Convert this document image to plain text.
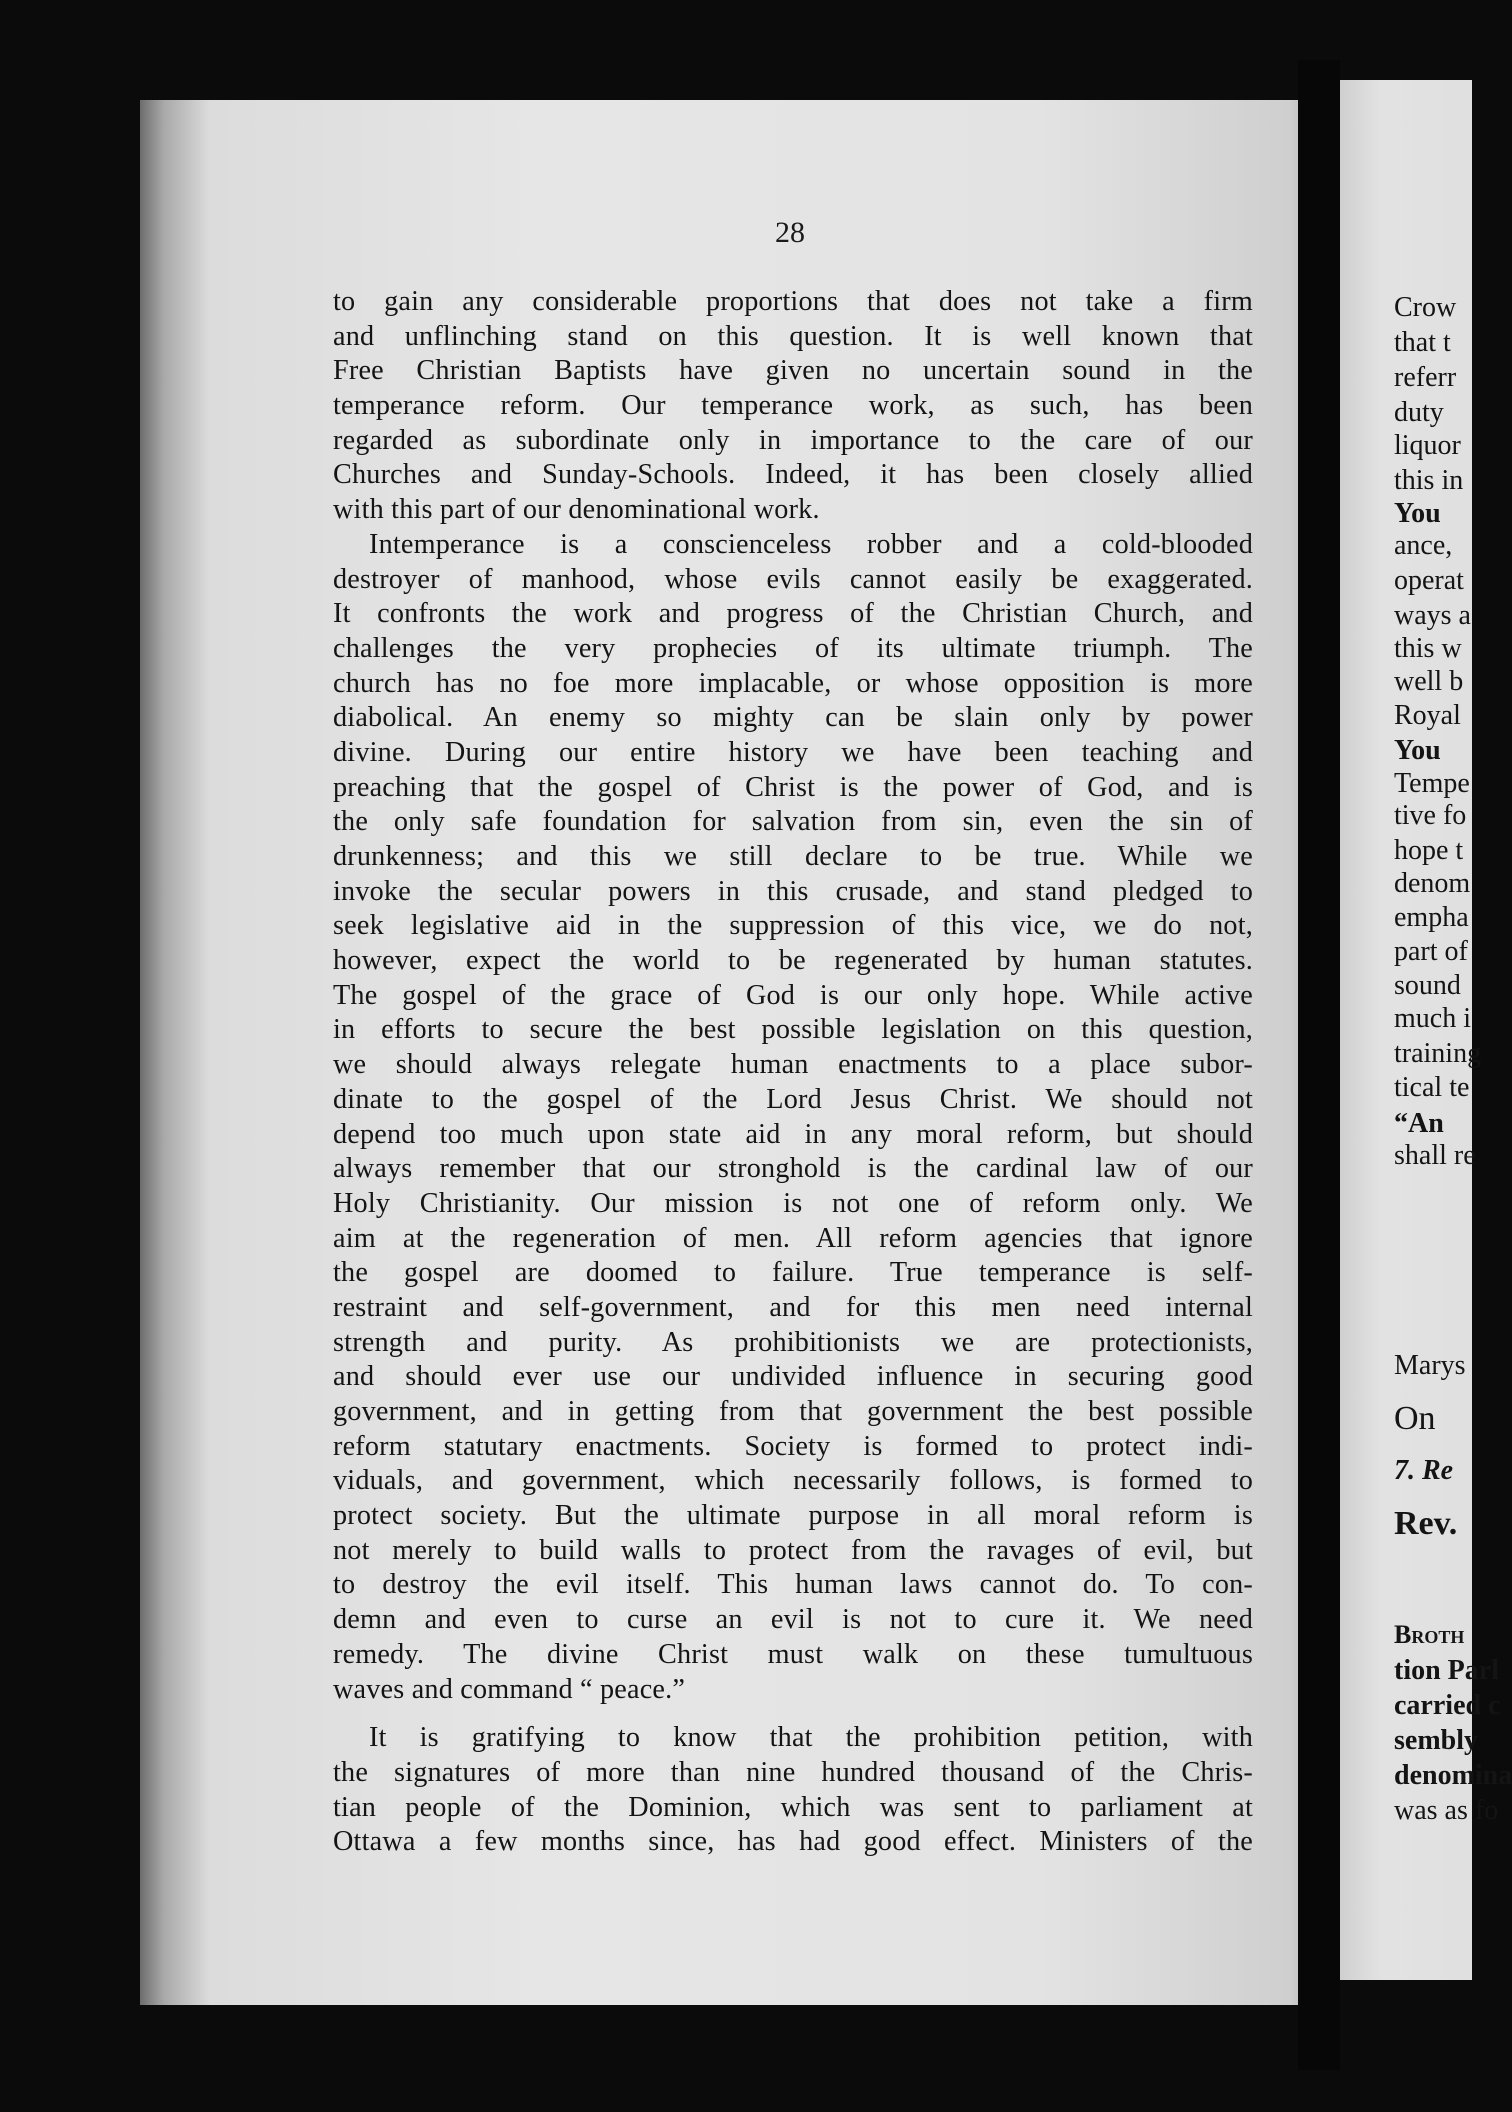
28
to gain any considerable proportions that does not take a firm
and unflinching stand on this question. It is well known that
Free Christian Baptists have given no uncertain sound in the
temperance reform. Our temperance work, as such, has been
regarded as subordinate only in importance to the care of our
Churches and Sunday-Schools. Indeed, it has been closely allied
with this part of our denominational work.
Intemperance is a conscienceless robber and a cold-blooded
destroyer of manhood, whose evils cannot easily be exaggerated.
It confronts the work and progress of the Christian Church, and
challenges the very prophecies of its ultimate triumph. The
church has no foe more implacable, or whose opposition is more
diabolical. An enemy so mighty can be slain only by power
divine. During our entire history we have been teaching and
preaching that the gospel of Christ is the power of God, and is
the only safe foundation for salvation from sin, even the sin of
drunkenness; and this we still declare to be true. While we
invoke the secular powers in this crusade, and stand pledged to
seek legislative aid in the suppression of this vice, we do not,
however, expect the world to be regenerated by human statutes.
The gospel of the grace of God is our only hope. While active
in efforts to secure the best possible legislation on this question,
we should always relegate human enactments to a place subor-
dinate to the gospel of the Lord Jesus Christ. We should not
depend too much upon state aid in any moral reform, but should
always remember that our stronghold is the cardinal law of our
Holy Christianity. Our mission is not one of reform only. We
aim at the regeneration of men. All reform agencies that ignore
the gospel are doomed to failure. True temperance is self-
restraint and self-government, and for this men need internal
strength and purity. As prohibitionists we are protectionists,
and should ever use our undivided influence in securing good
government, and in getting from that government the best possible
reform statutary enactments. Society is formed to protect indi-
viduals, and government, which necessarily follows, is formed to
protect society. But the ultimate purpose in all moral reform is
not merely to build walls to protect from the ravages of evil, but
to destroy the evil itself. This human laws cannot do. To con-
demn and even to curse an evil is not to cure it. We need
remedy. The divine Christ must walk on these tumultuous
waves and command “ peace.”
It is gratifying to know that the prohibition petition, with
the signatures of more than nine hundred thousand of the Chris-
tian people of the Dominion, which was sent to parliament at
Ottawa a few months since, has had good effect. Ministers of the
Crow
that t
referr
duty
liquor
this in
You
ance,
operat
ways a
this w
well b
Royal
You
Tempe
tive fo
hope t
denom
empha
part of
sound
much i
training
tical te
“An
shall re
Marys
On
7. Re
Rev.
Broth
tion Parl
carried c
sembly
denomina
was as fo
